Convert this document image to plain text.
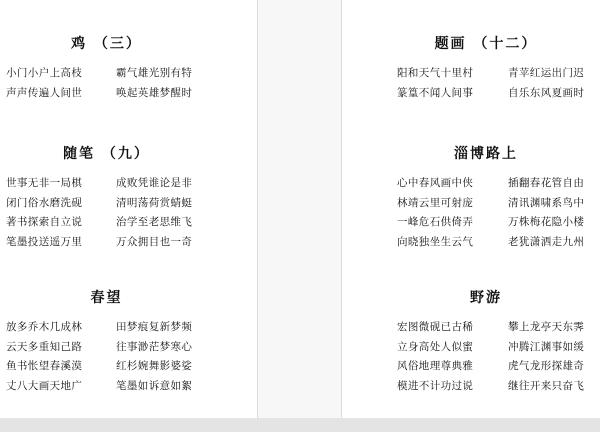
鸡 （三）
小门小户上高枝
声声传遍人间世
霸气雄光别有特
唤起英雄梦醒时
随笔 （九）
世事无非一局棋
闭门俗水磨洗砚
著书探索自立说
笔墨投送遥万里
成败凭谁论是非
清明荡荷赏蜻蜓
治学至老思维飞
万众拥目也一奇
春望
放多乔木几成林
云天多重知己路
鱼书怅望春溪漠
丈八大画天地广
田梦痕复新梦频
往事渺茫梦寒心
红杉婉舞影婆娑
笔墨如诉意如絮
题画 （十二）
阳和天气十里村
篆篁不闻人间事
青苹红运出门迟
自乐东风夏画时
淄博路上
心中春风画中侠
林靖云里可射庞
一峰危石供倚弄
向晓独坐生云气
插翻春花管自由
清讯渊啸系鸟中
万株梅花隐小楼
老犹潇洒走九州
野游
宏图微砚已古稀
立身高处人似蜜
风俗地理尊典雅
模进不计功过说
攀上龙亭天东霁
冲腾江渊事如缓
虎气龙形探雄奇
继往开来只奋飞
